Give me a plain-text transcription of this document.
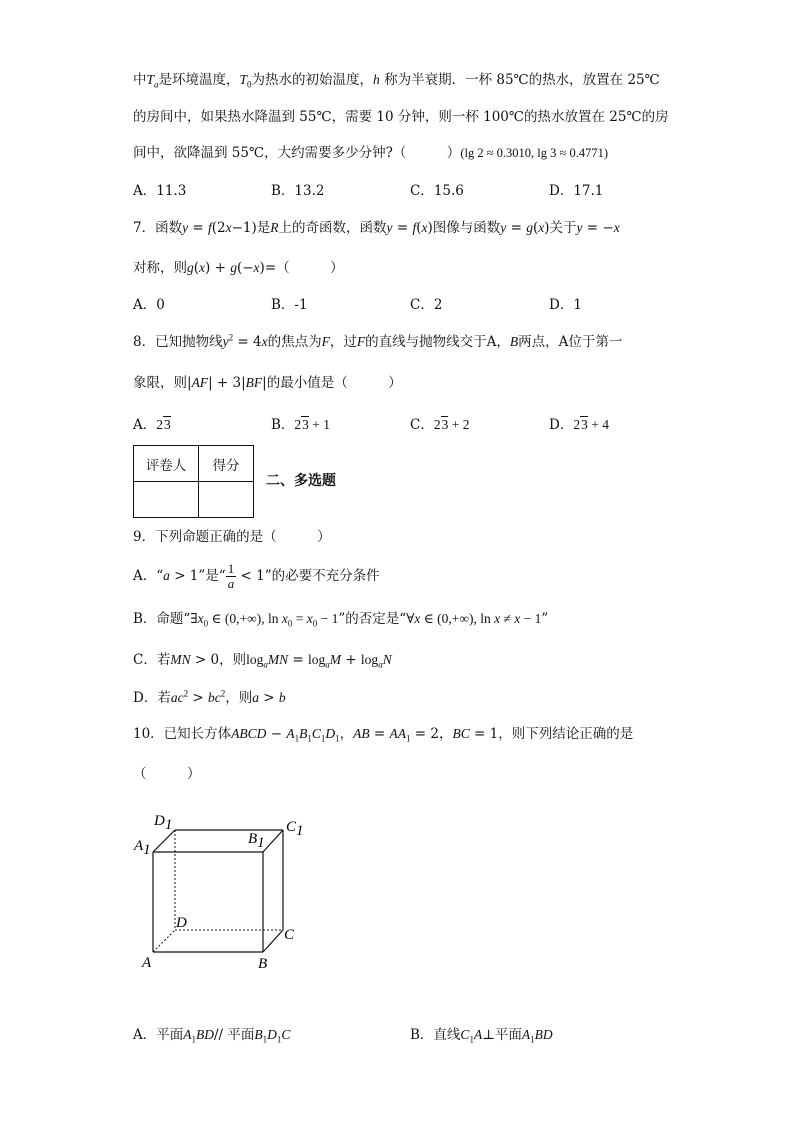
中$T_a$是环境温度，$T_0$为热水的初始温度，h 称为半衰期．一杯 85℃的热水，放置在 25℃
的房间中，如果热水降温到 55℃，需要 10 分钟，则一杯 100℃的热水放置在 25℃的房
间中，欲降温到 55℃，大约需要多少分钟?（　　　）(lg 2 ≈ 0.3010, lg 3 ≈ 0.4771)
A．11.3	B．13.2	C．15.6	D．17.1
7．函数y = f(2x−1)是R上的奇函数，函数y = f(x)图像与函数y = g(x)关于y = −x
对称，则g(x) + g(−x)=（　　　）
A．0	B．-1	C．2	D．1
8．已知抛物线$y^2 = 4x$的焦点为F，过F的直线与抛物线交于A，B两点，A位于第一
象限，则|AF| + 3|BF|的最小值是（　　　）
A．23	B．23 + 1	C．23 + 2	D．23 + 4
评卷人	得分

二、多选题
9．下列命题正确的是（　　　）
A．“a > 1”是“ $\frac{1}{a} < 1$”的必要不充分条件
B．命题“$\exists x_0$ ∈ (0,+∞), $\ln x_0 = x_0 - 1$”的否定是“∀x ∈ (0,+∞), ln x ≠ x − 1”
C．若MN > 0，则$\log_aMN = \log_aM + \log_aN$
D．若$ac^2 > bc^2$，则a > b
10．已知长方体ABCD − $A_1B_1C_1D_1$，AB = $AA_1 = 2$，BC = 1，则下列结论正确的是
（　　　）
D1	C1
A1
B1
D
C
A	B
A．平面$A_1BD//$ 平面$B_1D_1C$	B．直线$C_1A\perp$平面$A_1BD$
